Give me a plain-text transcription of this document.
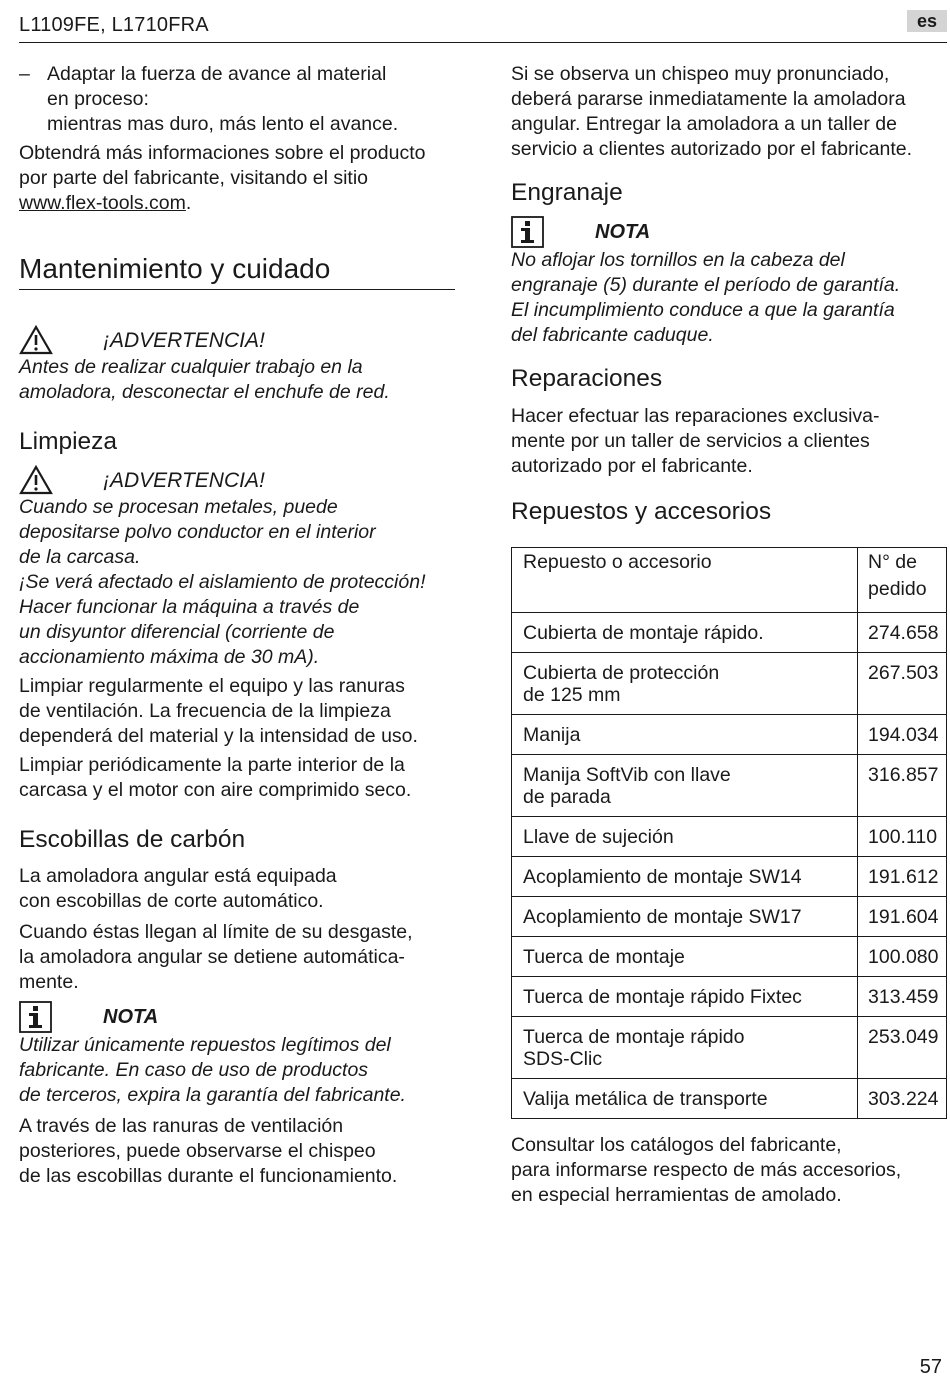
L1109FE, L1710FRA	es
– Adaptar la fuerza de avance al material
en proceso:
mientras mas duro, más lento el avance.
Obtendrá más informaciones sobre el producto
por parte del fabricante, visitando el sitio
www.flex-tools.com.
Mantenimiento y cuidado
¡ADVERTENCIA!
Antes de realizar cualquier trabajo en la
amoladora, desconectar el enchufe de red.
Limpieza
¡ADVERTENCIA!
Cuando se procesan metales, puede
depositarse polvo conductor en el interior
de la carcasa.
¡Se verá afectado el aislamiento de protección!
Hacer funcionar la máquina a través de
un disyuntor diferencial (corriente de
accionamiento máxima de 30 mA).
Limpiar regularmente el equipo y las ranuras
de ventilación. La frecuencia de la limpieza
dependerá del material y la intensidad de uso.
Limpiar periódicamente la parte interior de la
carcasa y el motor con aire comprimido seco.
Escobillas de carbón
La amoladora angular está equipada
con escobillas de corte automático.
Cuando éstas llegan al límite de su desgaste,
la amoladora angular se detiene automática-
mente.
NOTA
Utilizar únicamente repuestos legítimos del
fabricante. En caso de uso de productos
de terceros, expira la garantía del fabricante.
A través de las ranuras de ventilación
posteriores, puede observarse el chispeo
de las escobillas durante el funcionamiento.
Si se observa un chispeo muy pronunciado,
deberá pararse inmediatamente la amoladora
angular. Entregar la amoladora a un taller de
servicio a clientes autorizado por el fabricante.
Engranaje
NOTA
No aflojar los tornillos en la cabeza del
engranaje (5) durante el período de garantía.
El incumplimiento conduce a que la garantía
del fabricante caduque.
Reparaciones
Hacer efectuar las reparaciones exclusiva-
mente por un taller de servicios a clientes
autorizado por el fabricante.
Repuestos y accesorios
Repuesto o accesorio	N° de
pedido

Cubierta de montaje rápido.	274.658

Cubierta de protección
de 125 mm	267.503

Manija	194.034

Manija SoftVib con llave
de parada	316.857

Llave de sujeción	100.110

Acoplamiento de montaje SW14	191.612

Acoplamiento de montaje SW17	191.604

Tuerca de montaje	100.080

Tuerca de montaje rápido Fixtec	313.459

Tuerca de montaje rápido
SDS-Clic	253.049

Valija metálica de transporte	303.224
Consultar los catálogos del fabricante,
para informarse respecto de más accesorios,
en especial herramientas de amolado.
57
